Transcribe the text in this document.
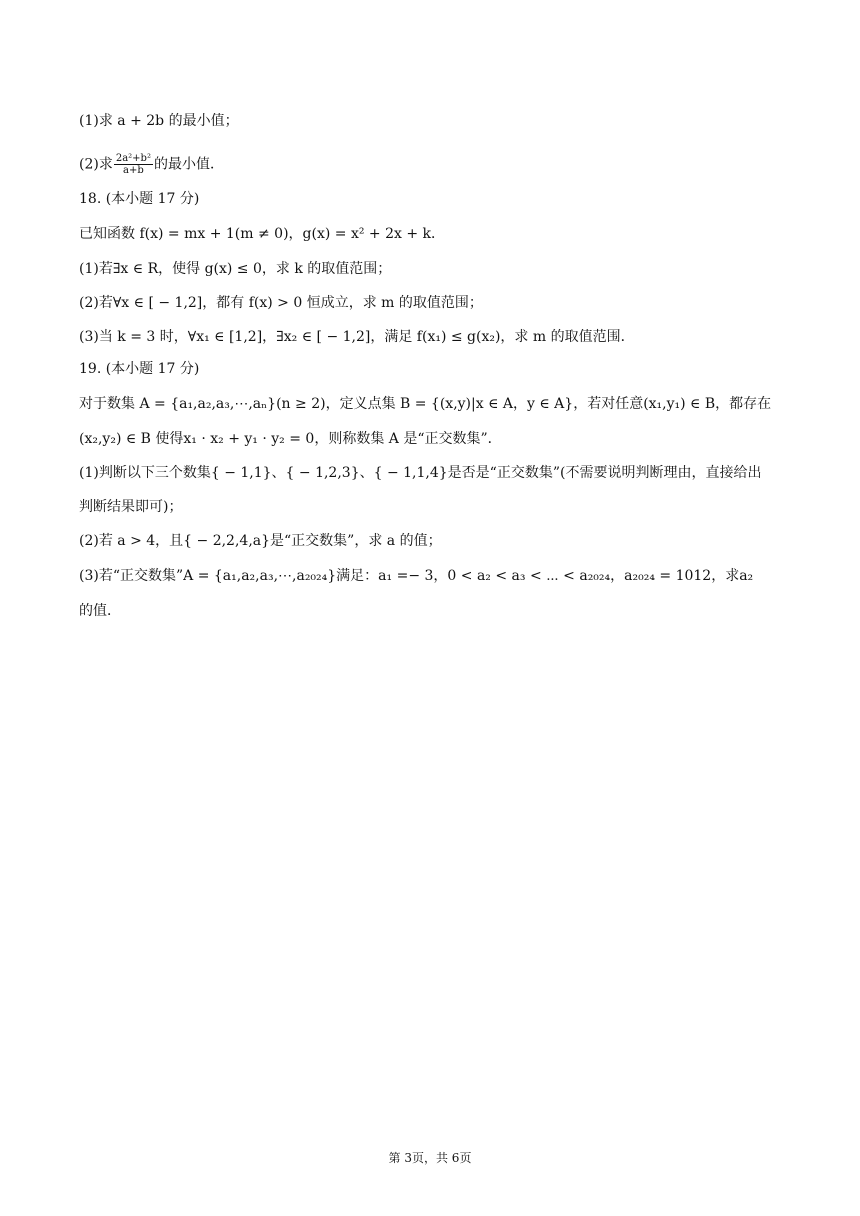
(1)求 a + 2b 的最小值；
(2)求 $\frac{\text{2a²+b²}}{a+b}$ 的最小值．
18. (本小题 17 分)
已知函数 f(x) = mx + 1(m ≠ 0)，g(x) = x² + 2x + k．
(1)若∃x ∈ R，使得 g(x) ≤ 0，求 k 的取值范围；
(2)若∀x ∈ [ − 1,2]，都有 f(x) > 0 恒成立，求 m 的取值范围；
(3)当 k = 3 时，∀x₁ ∈ [1,2]，∃x₂ ∈ [ − 1,2]，满足 f(x₁) ≤ g(x₂)，求 m 的取值范围．
19. (本小题 17 分)
对于数集 A = {a₁,a₂,a₃,⋯,aₙ}(n ≥ 2)，定义点集 B = {(x,y)|x ∈ A，y ∈ A}，若对任意(x₁,y₁) ∈ B，都存在
(x₂,y₂) ∈ B 使得x₁ · x₂ + y₁ · y₂ = 0，则称数集 A 是“正交数集”．
(1)判断以下三个数集{ − 1,1}、{ − 1,2,3}、{ − 1,1,4}是否是“正交数集”(不需要说明判断理由，直接给出
判断结果即可)；
(2)若 a > 4，且{ − 2,2,4,a}是“正交数集”，求 a 的值；
(3)若“正交数集”A = {a₁,a₂,a₃,⋯,a₂₀₂₄}满足：a₁ =− 3，0 < a₂ < a₃ < ⋯ < a₂₀₂₄，a₂₀₂₄ = 1012，求a₂
的值．
第 3页，共 6页
